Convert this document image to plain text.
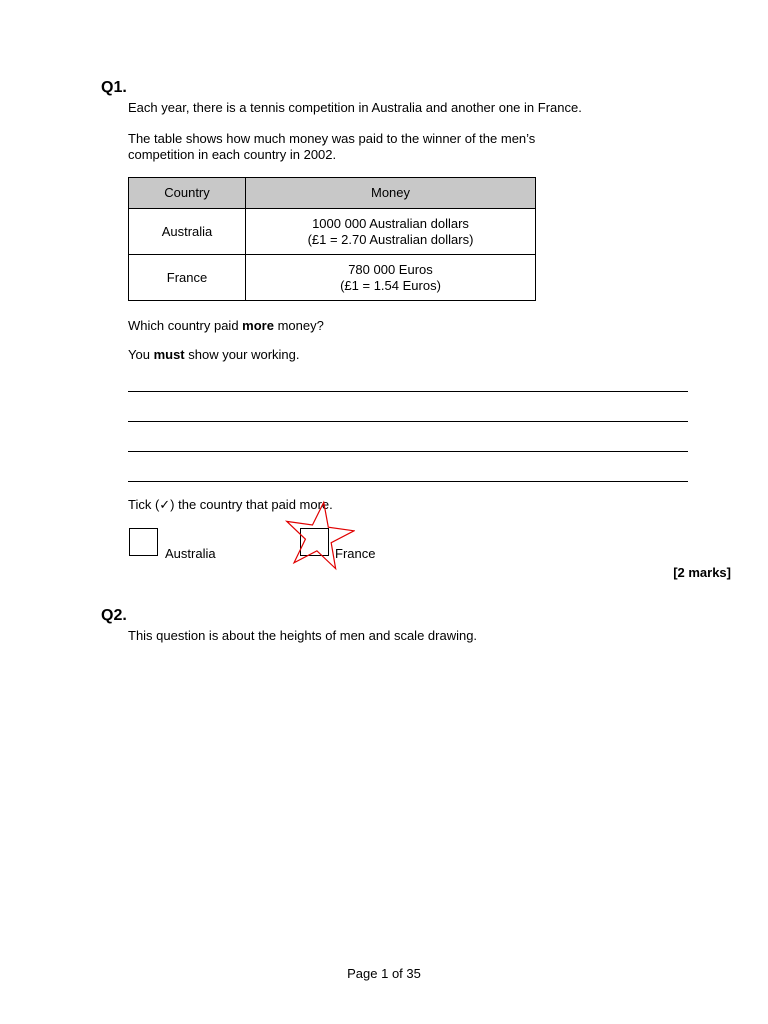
Q1.

Each year, there is a tennis competition in Australia and another one in France.

The table shows how much money was paid to the winner of the men’s
competition in each country in 2002.

Country	Money
Australia	1000 000 Australian dollars
(£1 = 2.70 Australian dollars)

France	780 000 Euros
(£1 = 1.54 Euros)

Which country paid more money?

You must show your working.

Tick (✓) the country that paid more.

Australia	France
[2 marks]
Q2.

This question is about the heights of men and scale drawing.

Page 1 of 35
